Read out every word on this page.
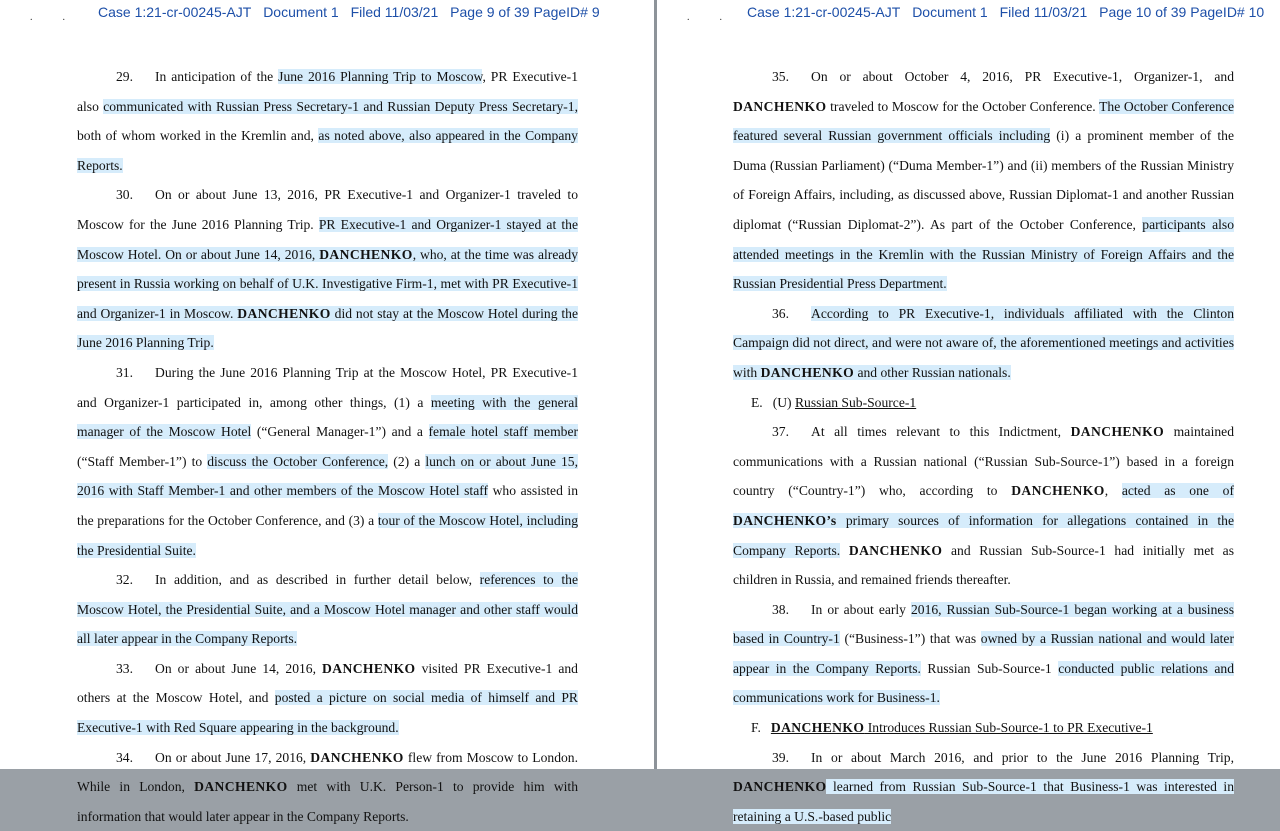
.. Case 1:21-cr-00245-AJT Document 1 Filed 11/03/21 Page 9 of 39 PageID# 9

29. In anticipation of the June 2016 Planning Trip to Moscow, PR Executive-1 also communicated with Russian Press Secretary-1 and Russian Deputy Press Secretary-1, both of whom worked in the Kremlin and, as noted above, also appeared in the Company Reports.

30. On or about June 13, 2016, PR Executive-1 and Organizer-1 traveled to Moscow for the June 2016 Planning Trip. PR Executive-1 and Organizer-1 stayed at the Moscow Hotel. On or about June 14, 2016, DANCHENKO, who, at the time was already present in Russia working on behalf of U.K. Investigative Firm-1, met with PR Executive-1 and Organizer-1 in Moscow. DANCHENKO did not stay at the Moscow Hotel during the June 2016 Planning Trip.

31. During the June 2016 Planning Trip at the Moscow Hotel, PR Executive-1 and Organizer-1 participated in, among other things, (1) a meeting with the general manager of the Moscow Hotel (“General Manager-1”) and a female hotel staff member (“Staff Member-1”) to discuss the October Conference, (2) a lunch on or about June 15, 2016 with Staff Member-1 and other members of the Moscow Hotel staff who assisted in the preparations for the October Conference, and (3) a tour of the Moscow Hotel, including the Presidential Suite.

32. In addition, and as described in further detail below, references to the Moscow Hotel, the Presidential Suite, and a Moscow Hotel manager and other staff would all later appear in the Company Reports.

33. On or about June 14, 2016, DANCHENKO visited PR Executive-1 and others at the Moscow Hotel, and posted a picture on social media of himself and PR Executive-1 with Red Square appearing in the background.

34. On or about June 17, 2016, DANCHENKO flew from Moscow to London. While in London, DANCHENKO met with U.K. Person-1 to provide him with information that would later appear in the Company Reports.

..
Case 1:21-cr-00245-AJT Document 1 Filed 11/03/21 Page 10 of 39 PageID# 10

35. On or about October 4, 2016, PR Executive-1, Organizer-1, and DANCHENKO traveled to Moscow for the October Conference. The October Conference featured several Russian government officials including (i) a prominent member of the Duma (Russian Parliament) (“Duma Member-1”) and (ii) members of the Russian Ministry of Foreign Affairs, including, as discussed above, Russian Diplomat-1 and another Russian diplomat (“Russian Diplomat-2”). As part of the October Conference, participants also attended meetings in the Kremlin with the Russian Ministry of Foreign Affairs and the Russian Presidential Press Department.

36. According to PR Executive-1, individuals affiliated with the Clinton Campaign did not direct, and were not aware of, the aforementioned meetings and activities with DANCHENKO and other Russian nationals.

E. (U) Russian Sub-Source-1

37. At all times relevant to this Indictment, DANCHENKO maintained communications with a Russian national (“Russian Sub-Source-1”) based in a foreign country (“Country-1”) who, according to DANCHENKO, acted as one of DANCHENKO’s primary sources of information for allegations contained in the Company Reports. DANCHENKO and Russian Sub-Source-1 had initially met as children in Russia, and remained friends thereafter.

38. In or about early 2016, Russian Sub-Source-1 began working at a business based in Country-1 (“Business-1”) that was owned by a Russian national and would later appear in the Company Reports. Russian Sub-Source-1 conducted public relations and communications work for Business-1.

F. DANCHENKO Introduces Russian Sub-Source-1 to PR Executive-1

39. In or about March 2016, and prior to the June 2016 Planning Trip, DANCHENKO learned from Russian Sub-Source-1 that Business-1 was interested in retaining a U.S.-based public
